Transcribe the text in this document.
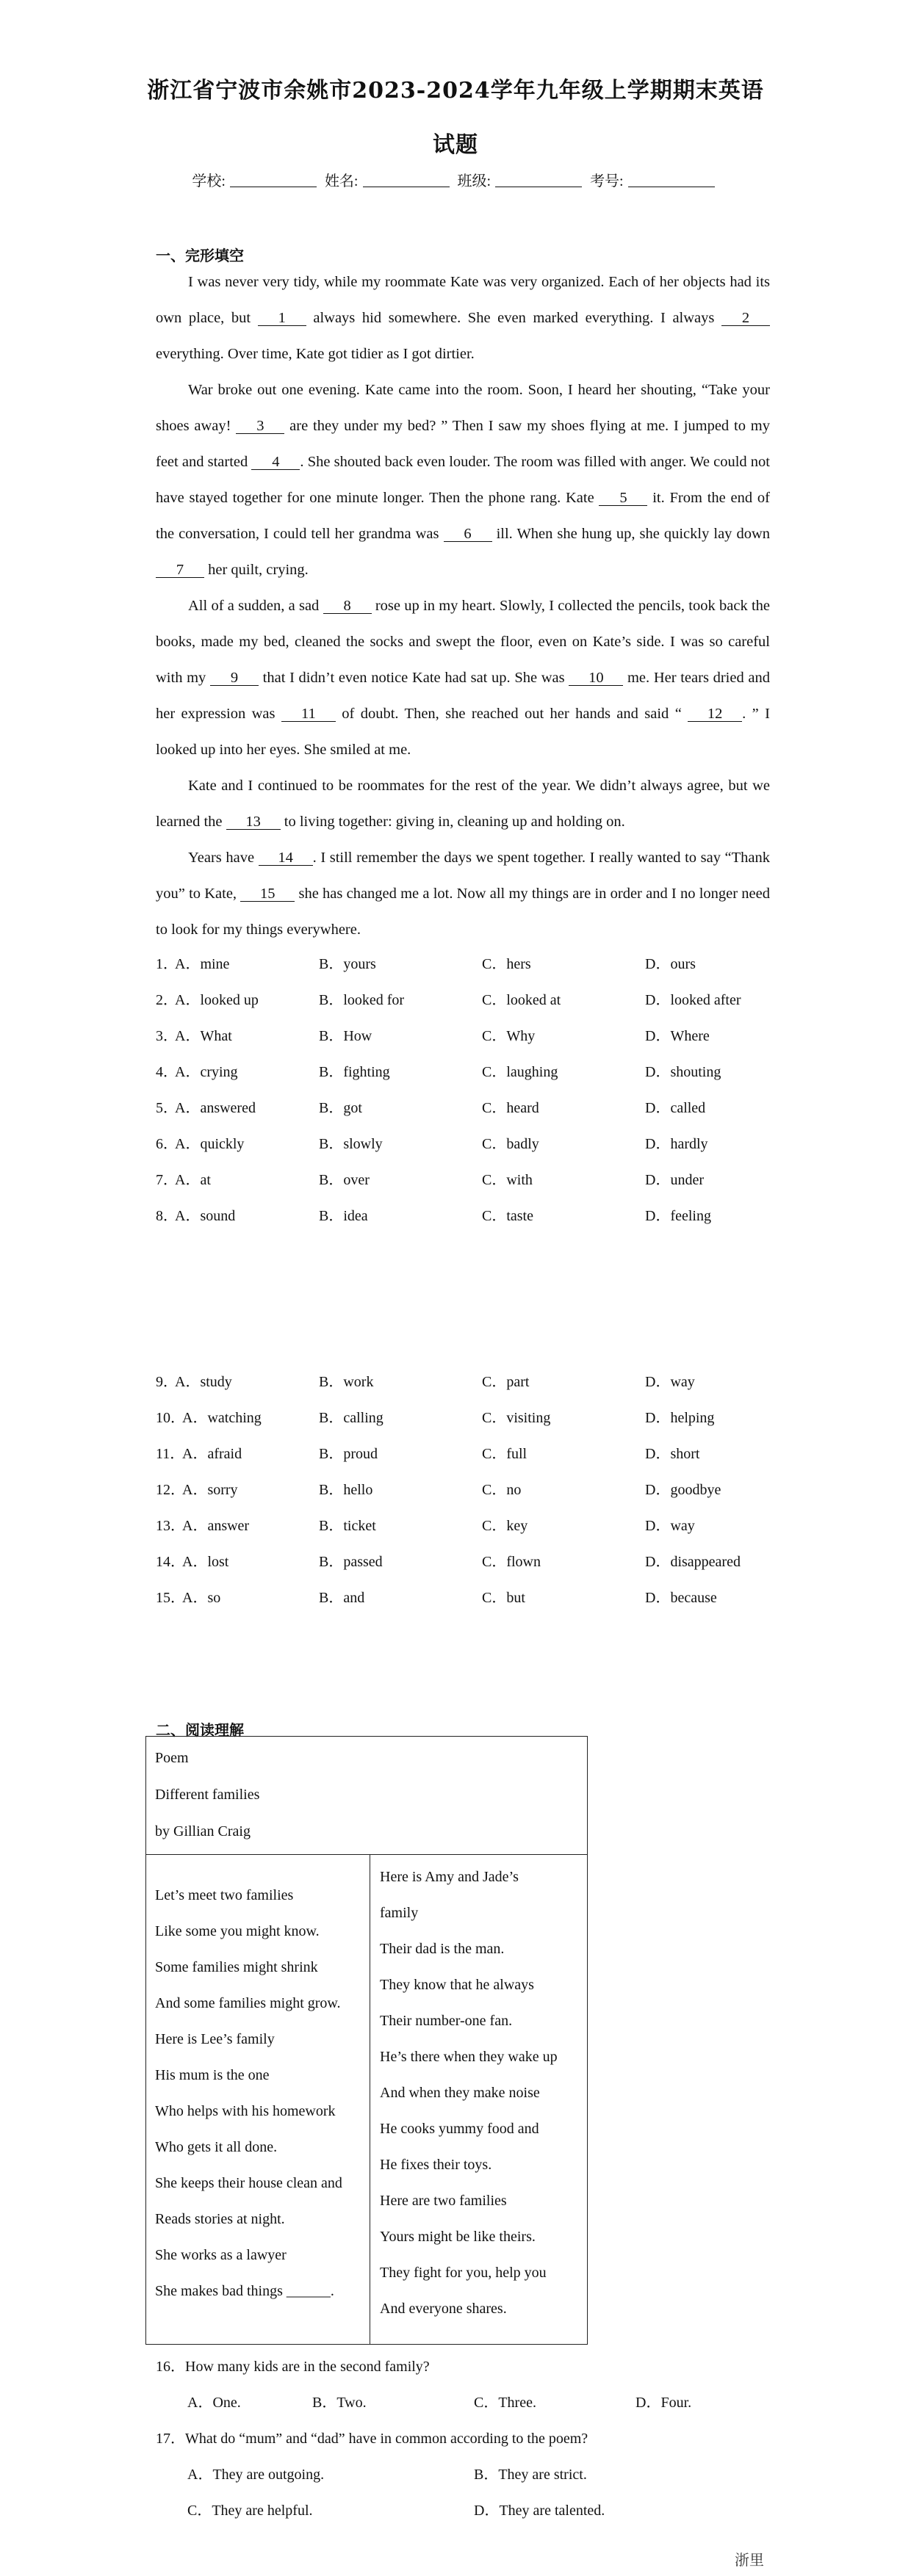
浙江省宁波市余姚市2023-2024学年九年级上学期期末英语
试题
学校:	姓名:	班级:	考号:
一、完形填空

I was never very tidy, while my roommate Kate was very organized. Each of her objects had its own place, but 1 always hid somewhere. She even marked everything. I always 2 everything. Over time, Kate got tidier as I got dirtier.

War broke out one evening. Kate came into the room. Soon, I heard her shouting, “Take your shoes away! 3 are they under my bed? ” Then I saw my shoes flying at me. I jumped to my feet and started 4 . She shouted back even louder. The room was filled with anger. We could not have stayed together for one minute longer. Then the phone rang. Kate 5 it. From the end of the conversation, I could tell her grandma was 6 ill. When she hung up, she quickly lay down 7 her quilt, crying.

All of a sudden, a sad 8 rose up in my heart. Slowly, I collected the pencils, took back the books, made my bed, cleaned the socks and swept the floor, even on Kate’s side. I was so careful with my 9 that I didn’t even notice Kate had sat up. She was 10 me. Her tears dried and her expression was 11 of doubt. Then, she reached out her hands and said “ 12 . ” I looked up into her eyes. She smiled at me.

Kate and I continued to be roommates for the rest of the year. We didn’t always agree, but we learned the 13 to living together: giving in, cleaning up and holding on.

Years have 14 . I still remember the days we spent together. I really wanted to say “Thank you” to Kate, 15 she has changed me a lot. Now all my things are in order and I no longer need to look for my things everywhere.

1．
A．mine	B．yours	C．hers	D．ours
2．
A．looked up	B．looked for	C．looked at	D．looked after
3．
A．What	B．How	C．Why	D．Where
4．
A．crying	B．fighting	C．laughing	D．shouting
5．
A．answered	B．got	C．heard	D．called
6．
A．quickly	B．slowly	C．badly	D．hardly
7．
A．at	B．over	C．with	D．under
8．
A．sound	B．idea	C．taste	D．feeling
9．
A．study	B．work	C．part	D．way
10．
A．watching	B．calling	C．visiting	D．helping
11．
A．afraid	B．proud	C．full	D．short
12．
A．sorry	B．hello	C．no	D．goodbye
13．
A．answer	B．ticket	C．key	D．way
14．
A．lost	B．passed	C．flown	D．disappeared
15．
A．so	B．and	C．but	D．because
二、阅读理解
Poem
Different families
by Gillian Craig
Let’s meet two families
Like some you might know.
Some families might shrink
And some families might grow.
Here is Lee’s family
His mum is the one
Who helps with his homework
Who gets it all done.
She keeps their house clean and
Reads stories at night.
She works as a lawyer
She makes bad things ______.
Here is Amy and Jade’s
family
Their dad is the man.
They know that he always
Their number-one fan.
He’s there when they wake up
And when they make noise
He cooks yummy food and
He fixes their toys.
Here are two families
Yours might be like theirs.
They fight for you, help you
And everyone shares.
16．How many kids are in the second family?
A．One.	B．Two.	C．Three.	D．Four.
17．What do “mum” and “dad” have in common according to the poem?
A．They are outgoing.	B．They are strict.
C．They are helpful.	D．They are talented.
浙里
